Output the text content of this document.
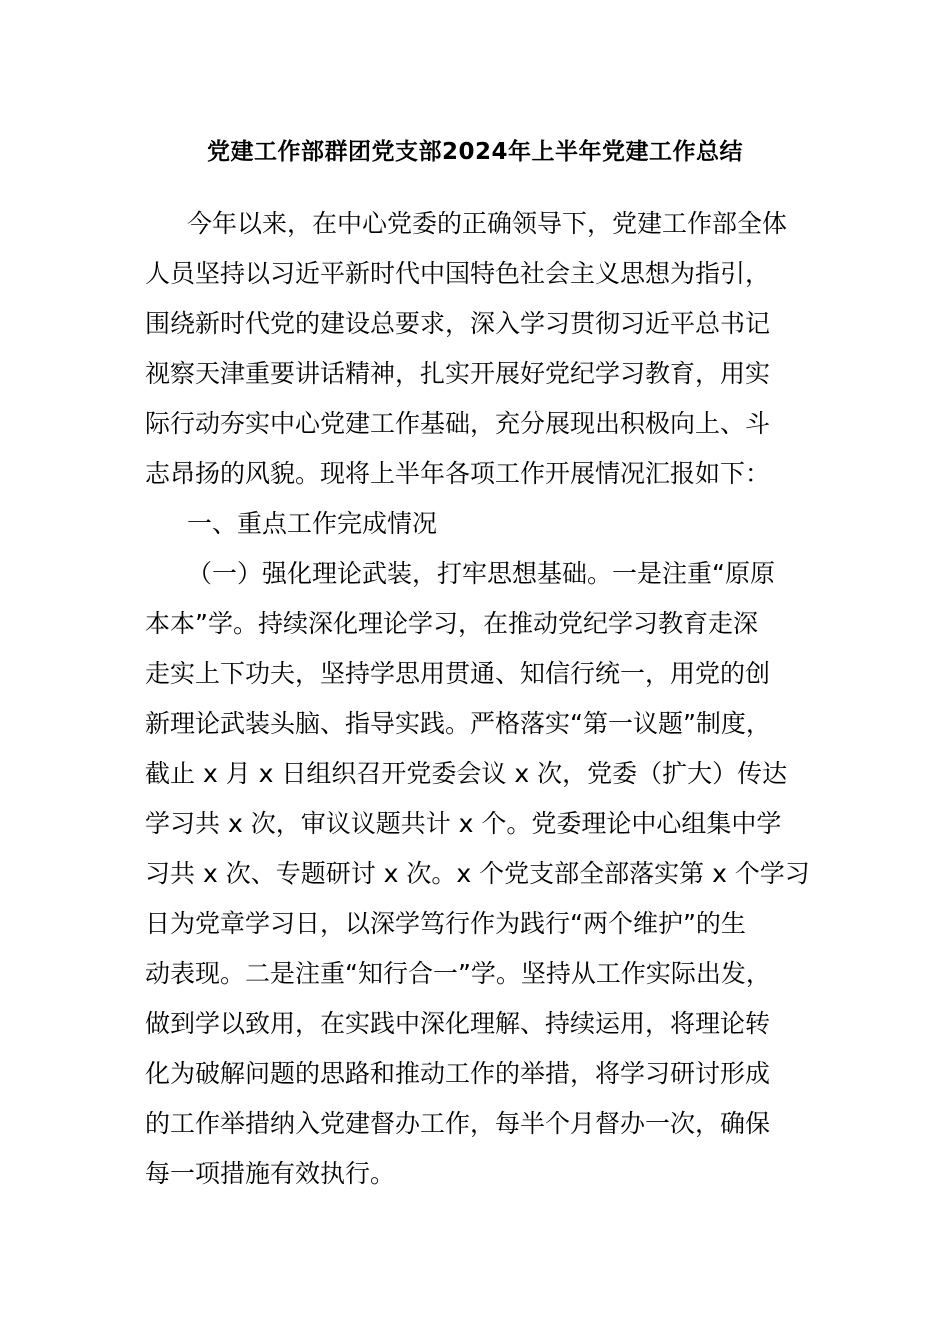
党建工作部群团党支部2024年上半年党建工作总结
今年以来，在中心党委的正确领导下，党建工作部全体
人员坚持以习近平新时代中国特色社会主义思想为指引，
围绕新时代党的建设总要求，深入学习贯彻习近平总书记
视察天津重要讲话精神，扎实开展好党纪学习教育，用实
际行动夯实中心党建工作基础，充分展现出积极向上、斗
志昂扬的风貌。现将上半年各项工作开展情况汇报如下：
一、重点工作完成情况
（一）强化理论武装，打牢思想基础。一是注重“原原
本本”学。持续深化理论学习，在推动党纪学习教育走深
走实上下功夫，坚持学思用贯通、知信行统一，用党的创
新理论武装头脑、指导实践。严格落实“第一议题”制度，
截止 x 月 x 日组织召开党委会议 x 次，党委（扩大）传达
学习共 x 次，审议议题共计 x 个。党委理论中心组集中学
习共 x 次、专题研讨 x 次。x 个党支部全部落实第 x 个学习
日为党章学习日，以深学笃行作为践行“两个维护”的生
动表现。二是注重“知行合一”学。坚持从工作实际出发，
做到学以致用，在实践中深化理解、持续运用，将理论转
化为破解问题的思路和推动工作的举措，将学习研讨形成
的工作举措纳入党建督办工作，每半个月督办一次，确保
每一项措施有效执行。
